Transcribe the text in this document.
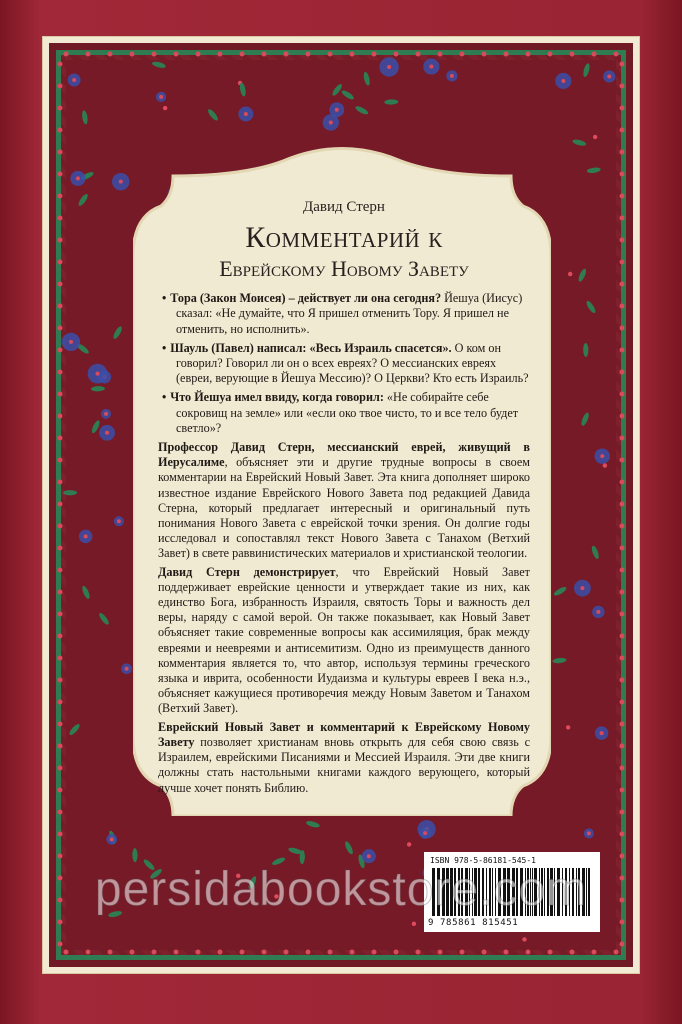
Давид Стерн

Комментарий к

Еврейскому Новому Завету

• Тора (Закон Моисея) – действует ли она сегодня? Йешуа (Иисус) сказал: «Не думайте, что Я пришел отменить Тору. Я пришел не отменить, но исполнить».
• Шауль (Павел) написал: «Весь Израиль спасется». О ком он говорил? Говорил ли он о всех евреях? О мессианских евреях (евреи, верующие в Йешуа Мессию)? О Церкви? Кто есть Израиль?
• Что Йешуа имел ввиду, когда говорил: «Не собирайте себе сокровищ на земле» или «если око твое чисто, то и все тело будет светло»?

Профессор Давид Стерн, мессианский еврей, живущий в Иерусалиме, объясняет эти и другие трудные вопросы в своем комментарии на Еврейский Новый Завет. Эта книга дополняет широко известное издание Еврейского Нового Завета под редакцией Давида Стерна, который предлагает интересный и оригинальный путь понимания Нового Завета с еврейской точки зрения. Он долгие годы исследовал и сопоставлял текст Нового Завета с Танахом (Ветхий Завет) в свете раввинистических материалов и христианской теологии.

Давид Стерн демонстрирует, что Еврейский Новый Завет поддерживает еврейские ценности и утверждает такие из них, как единство Бога, избранность Израиля, святость Торы и важность дел веры, наряду с самой верой. Он также показывает, как Новый Завет объясняет такие современные вопросы как ассимиляция, брак между евреями и неевреями и антисемитизм. Одно из преимуществ данного комментария является то, что автор, используя термины греческого языка и иврита, особенности Иудаизма и культуры евреев I века н.э., объясняет кажущиеся противоречия между Новым Заветом и Танахом (Ветхий Завет).

Еврейский Новый Завет и комментарий к Еврейскому Новому Завету позволяет христианам вновь открыть для себя свою связь с Израилем, еврейскими Писаниями и Мессией Израиля. Эти две книги должны стать настольными книгами каждого верующего, который лучше хочет понять Библию.

ISBN 978-5-86181-545-1
9 785861 815451
persidabookstore.com
